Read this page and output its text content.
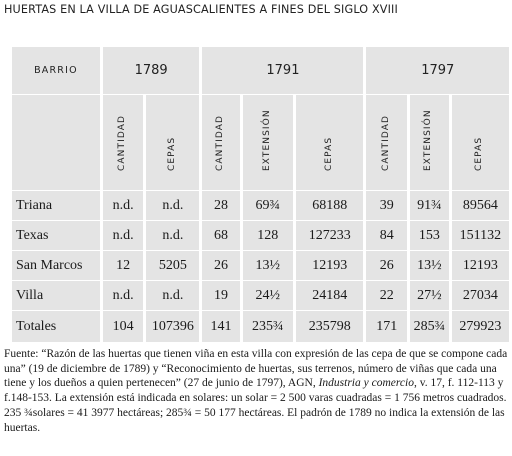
HUERTAS EN LA VILLA DE AGUASCALIENTES A FINES DEL SIGLO XVIII
BARRIO	1789		1791			1797		

	CANTIDAD	CEPAS	CANTIDAD	EXTENSIÓN	CEPAS	CANTIDAD	EXTENSIÓN	CEPAS

Triana	n.d.	n.d.	28	69¾	68188	39	91¾	89564
Texas	n.d.	n.d.	68	128	127233	84	153	151132
San Marcos	12	5205	26	13½	12193	26	13½	12193
Villa	n.d.	n.d.	19	24½	24184	22	27½	27034
Totales	104	107396	141	235¾	235798	171	285¾	279923
Fuente: “Razón de las huertas que tienen viña en esta villa con expresión de las cepa de que se compone cada una” (19 de diciembre de 1789) y “Reconocimiento de huertas, sus terrenos, número de viñas que cada una tiene y los dueños a quien pertenecen” (27 de junio de 1797), AGN, Industria y comercio, v. 17, f. 112-113 y f.148-153. La extensión está indicada en solares: un solar = 2 500 varas cuadradas = 1 756 metros cuadrados. 235 ¾solares = 41 3977 hectáreas; 285¾ = 50 177 hectáreas. El padrón de 1789 no indica la extensión de las huertas.
